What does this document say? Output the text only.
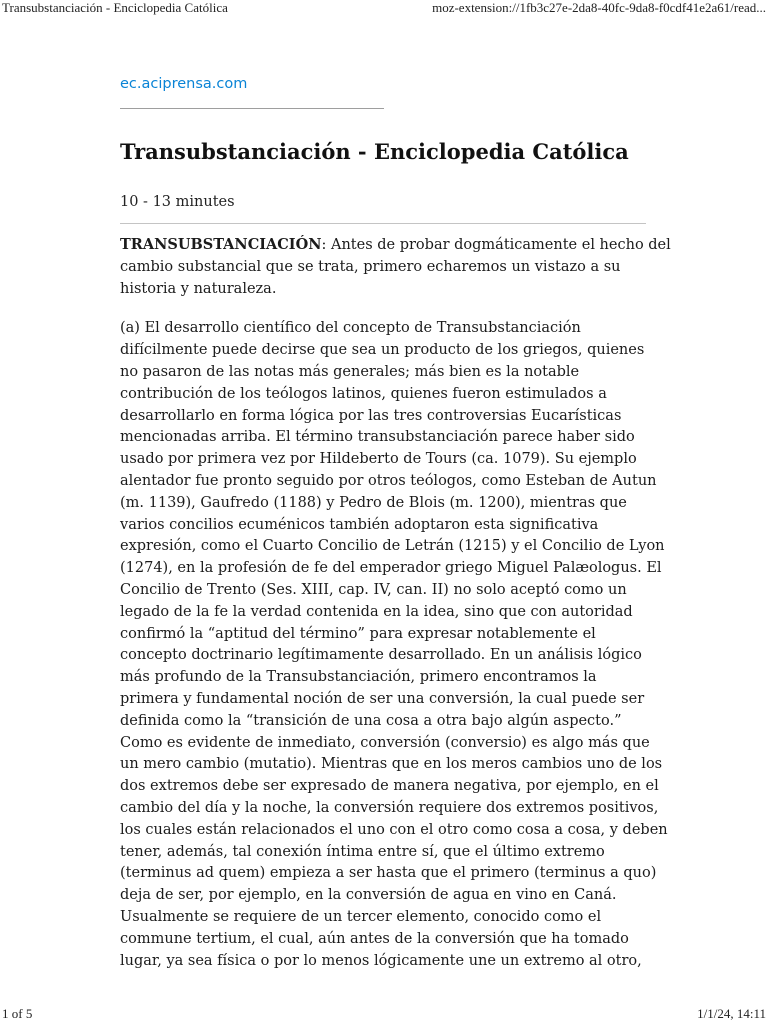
Transubstanciación - Enciclopedia Católica	moz-extension://1fb3c27e-2da8-40fc-9da8-f0cdf41e2a61/read...
ec.aciprensa.com
Transubstanciación - Enciclopedia Católica
10 - 13 minutes

TRANSUBSTANCIACIÓN: Antes de probar dogmáticamente el hecho del
cambio substancial que se trata, primero echaremos un vistazo a su
historia y naturaleza.

(a) El desarrollo científico del concepto de Transubstanciación
difícilmente puede decirse que sea un producto de los griegos, quienes
no pasaron de las notas más generales; más bien es la notable
contribución de los teólogos latinos, quienes fueron estimulados a
desarrollarlo en forma lógica por las tres controversias Eucarísticas
mencionadas arriba. El término transubstanciación parece haber sido
usado por primera vez por Hildeberto de Tours (ca. 1079). Su ejemplo
alentador fue pronto seguido por otros teólogos, como Esteban de Autun
(m. 1139), Gaufredo (1188) y Pedro de Blois (m. 1200), mientras que
varios concilios ecuménicos también adoptaron esta significativa
expresión, como el Cuarto Concilio de Letrán (1215) y el Concilio de Lyon
(1274), en la profesión de fe del emperador griego Miguel Palæologus. El
Concilio de Trento (Ses. XIII, cap. IV, can. II) no solo aceptó como un
legado de la fe la verdad contenida en la idea, sino que con autoridad
confirmó la “aptitud del término” para expresar notablemente el
concepto doctrinario legítimamente desarrollado. En un análisis lógico
más profundo de la Transubstanciación, primero encontramos la
primera y fundamental noción de ser una conversión, la cual puede ser
definida como la “transición de una cosa a otra bajo algún aspecto.”
Como es evidente de inmediato, conversión (conversio) es algo más que
un mero cambio (mutatio). Mientras que en los meros cambios uno de los
dos extremos debe ser expresado de manera negativa, por ejemplo, en el
cambio del día y la noche, la conversión requiere dos extremos positivos,
los cuales están relacionados el uno con el otro como cosa a cosa, y deben
tener, además, tal conexión íntima entre sí, que el último extremo
(terminus ad quem) empieza a ser hasta que el primero (terminus a quo)
deja de ser, por ejemplo, en la conversión de agua en vino en Caná.
Usualmente se requiere de un tercer elemento, conocido como el
commune tertium, el cual, aún antes de la conversión que ha tomado
lugar, ya sea física o por lo menos lógicamente une un extremo al otro,

1 of 5	1/1/24, 14:11
